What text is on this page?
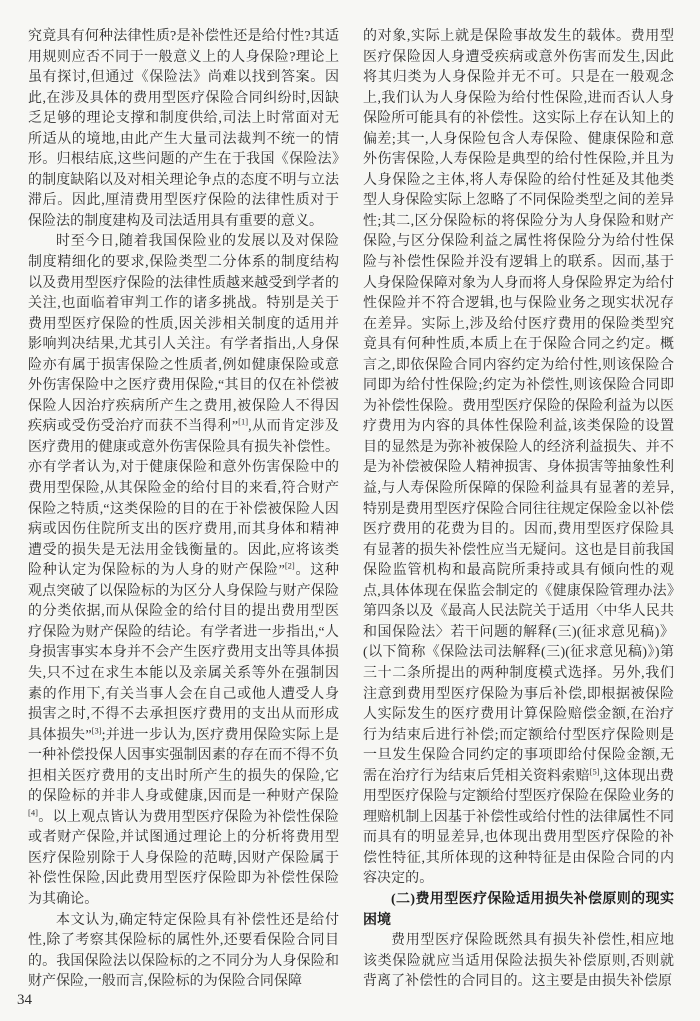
究竟具有何种法律性质?是补偿性还是给付性?其适用规则应否不同于一般意义上的人身保险?理论上虽有探讨,但通过《保险法》尚难以找到答案。因此,在涉及具体的费用型医疗保险合同纠纷时,因缺乏足够的理论支撑和制度供给,司法上时常面对无所适从的境地,由此产生大量司法裁判不统一的情形。归根结底,这些问题的产生在于我国《保险法》的制度缺陷以及对相关理论争点的态度不明与立法滞后。因此,厘清费用型医疗保险的法律性质对于保险法的制度建构及司法适用具有重要的意义。

时至今日,随着我国保险业的发展以及对保险制度精细化的要求,保险类型二分体系的制度结构以及费用型医疗保险的法律性质越来越受到学者的关注,也面临着审判工作的诸多挑战。特别是关于费用型医疗保险的性质,因关涉相关制度的适用并影响判决结果,尤其引人关注。有学者指出,人身保险亦有属于损害保险之性质者,例如健康保险或意外伤害保险中之医疗费用保险,“其目的仅在补偿被保险人因治疗疾病所产生之费用,被保险人不得因疾病或受伤受治疗而获不当得利”[1],从而肯定涉及医疗费用的健康或意外伤害保险具有损失补偿性。亦有学者认为,对于健康保险和意外伤害保险中的费用型保险,从其保险金的给付目的来看,符合财产保险之特质,“这类保险的目的在于补偿被保险人因病或因伤住院所支出的医疗费用,而其身体和精神遭受的损失是无法用金钱衡量的。因此,应将该类险种认定为保险标的为人身的财产保险”[2]。这种观点突破了以保险标的为区分人身保险与财产保险的分类依据,而从保险金的给付目的提出费用型医疗保险为财产保险的结论。有学者进一步指出,“人身损害事实本身并不会产生医疗费用支出等具体损失,只不过在求生本能以及亲属关系等外在强制因素的作用下,有关当事人会在自己或他人遭受人身损害之时,不得不去承担医疗费用的支出从而形成具体损失”[3];并进一步认为,医疗费用保险实际上是一种补偿投保人因事实强制因素的存在而不得不负担相关医疗费用的支出时所产生的损失的保险,它的保险标的并非人身或健康,因而是一种财产保险[4]。以上观点皆认为费用型医疗保险为补偿性保险或者财产保险,并试图通过理论上的分析将费用型医疗保险别除于人身保险的范畴,因财产保险属于补偿性保险,因此费用型医疗保险即为补偿性保险为其确论。

本文认为,确定特定保险具有补偿性还是给付性,除了考察其保险标的属性外,还要看保险合同目的。我国保险法以保险标的之不同分为人身保险和财产保险,一般而言,保险标的为保险合同保障

的对象,实际上就是保险事故发生的载体。费用型医疗保险因人身遭受疾病或意外伤害而发生,因此将其归类为人身保险并无不可。只是在一般观念上,我们认为人身保险为给付性保险,进而否认人身保险所可能具有的补偿性。这实际上存在认知上的偏差;其一,人身保险包含人寿保险、健康保险和意外伤害保险,人寿保险是典型的给付性保险,并且为人身保险之主体,将人寿保险的给付性延及其他类型人身保险实际上忽略了不同保险类型之间的差异性;其二,区分保险标的将保险分为人身保险和财产保险,与区分保险利益之属性将保险分为给付性保险与补偿性保险并没有逻辑上的联系。因而,基于人身保险保障对象为人身而将人身保险界定为给付性保险并不符合逻辑,也与保险业务之现实状况存在差异。实际上,涉及给付医疗费用的保险类型究竟具有何种性质,本质上在于保险合同之约定。概言之,即依保险合同内容约定为给付性,则该保险合同即为给付性保险;约定为补偿性,则该保险合同即为补偿性保险。费用型医疗保险的保险利益为以医疗费用为内容的具体性保险利益,该类保险的设置目的显然是为弥补被保险人的经济利益损失、并不是为补偿被保险人精神损害、身体损害等抽象性利益,与人寿保险所保障的保险利益具有显著的差异,特别是费用型医疗保险合同往往规定保险金以补偿医疗费用的花费为目的。因而,费用型医疗保险具有显著的损失补偿性应当无疑问。这也是目前我国保险监管机构和最高院所秉持或具有倾向性的观点,具体体现在保监会制定的《健康保险管理办法》第四条以及《最高人民法院关于适用〈中华人民共和国保险法〉若干问题的解释(三)(征求意见稿)》(以下简称《保险法司法解释(三)(征求意见稿)》)第三十二条所提出的两种制度模式选择。另外,我们注意到费用型医疗保险为事后补偿,即根据被保险人实际发生的医疗费用计算保险赔偿金额,在治疗行为结束后进行补偿;而定额给付型医疗保险则是一旦发生保险合同约定的事项即给付保险金额,无需在治疗行为结束后凭相关资料索赔[5],这体现出费用型医疗保险与定额给付型医疗保险在保险业务的理赔机制上因基于补偿性或给付性的法律属性不同而具有的明显差异,也体现出费用型医疗保险的补偿性特征,其所体现的这种特征是由保险合同的内容决定的。

(二)费用型医疗保险适用损失补偿原则的现实困境

费用型医疗保险既然具有损失补偿性,相应地该类保险就应当适用保险法损失补偿原则,否则就背离了补偿性的合同目的。这主要是由损失补偿原

34
